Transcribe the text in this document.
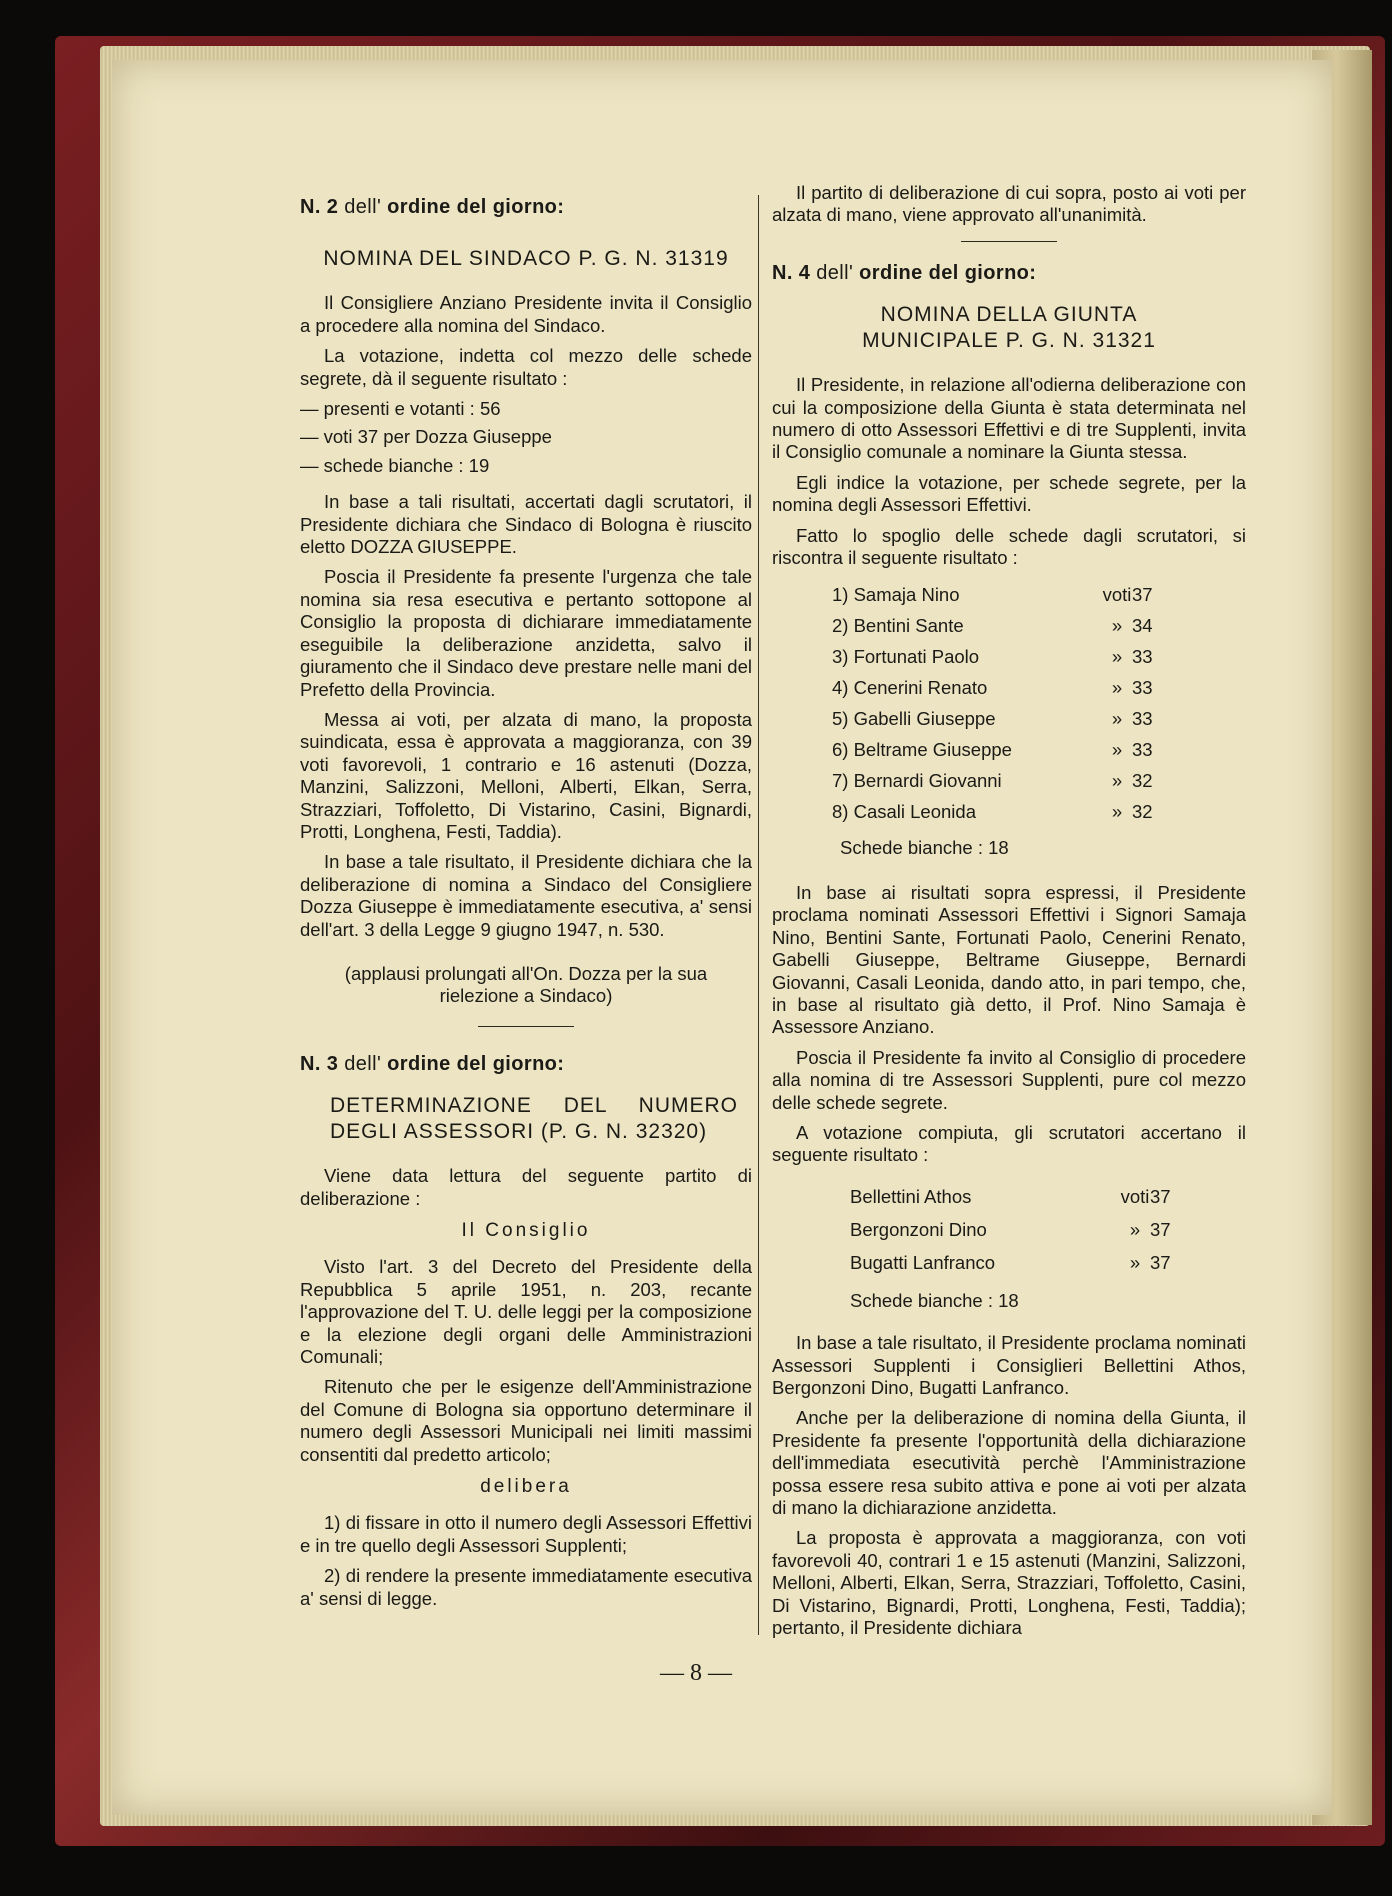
N. 2 dell' ordine del giorno:
NOMINA DEL SINDACO P. G. N. 31319

Il Consigliere Anziano Presidente invita il Consiglio a procedere alla nomina del Sindaco.

La votazione, indetta col mezzo delle schede segrete, dà il seguente risultato :

— presenti e votanti : 56
— voti 37 per Dozza Giuseppe
— schede bianche : 19

In base a tali risultati, accertati dagli scrutatori, il Presidente dichiara che Sindaco di Bologna è riuscito eletto DOZZA GIUSEPPE.

Poscia il Presidente fa presente l'urgenza che tale nomina sia resa esecutiva e pertanto sottopone al Consiglio la proposta di dichiarare immediatamente eseguibile la deliberazione anzidetta, salvo il giuramento che il Sindaco deve prestare nelle mani del Prefetto della Provincia.

Messa ai voti, per alzata di mano, la proposta suindicata, essa è approvata a maggioranza, con 39 voti favorevoli, 1 contrario e 16 astenuti (Dozza, Manzini, Salizzoni, Melloni, Alberti, Elkan, Serra, Strazziari, Toffoletto, Di Vistarino, Casini, Bignardi, Protti, Longhena, Festi, Taddia).

In base a tale risultato, il Presidente dichiara che la deliberazione di nomina a Sindaco del Consigliere Dozza Giuseppe è immediatamente esecutiva, a' sensi dell'art. 3 della Legge 9 giugno 1947, n. 530.

(applausi prolungati all'On. Dozza per la sua rielezione a Sindaco)
N. 3 dell' ordine del giorno:
DETERMINAZIONE DEL NUMERO DEGLI ASSESSORI (P. G. N. 32320)

Viene data lettura del seguente partito di deliberazione :

Il Consiglio

Visto l'art. 3 del Decreto del Presidente della Repubblica 5 aprile 1951, n. 203, recante l'approvazione del T. U. delle leggi per la composizione e la elezione degli organi delle Amministrazioni Comunali;

Ritenuto che per le esigenze dell'Amministrazione del Comune di Bologna sia opportuno determinare il numero degli Assessori Municipali nei limiti massimi consentiti dal predetto articolo;

delibera

1) di fissare in otto il numero degli Assessori Effettivi e in tre quello degli Assessori Supplenti;

2) di rendere la presente immediatamente esecutiva a' sensi di legge.

Il partito di deliberazione di cui sopra, posto ai voti per alzata di mano, viene approvato all'unanimità.

N. 4 dell' ordine del giorno:
NOMINA DELLA GIUNTA MUNICIPALE P. G. N. 31321

Il Presidente, in relazione all'odierna deliberazione con cui la composizione della Giunta è stata determinata nel numero di otto Assessori Effettivi e di tre Supplenti, invita il Consiglio comunale a nominare la Giunta stessa.

Egli indice la votazione, per schede segrete, per la nomina degli Assessori Effettivi.

Fatto lo spoglio delle schede dagli scrutatori, si riscontra il seguente risultato :

1) Samaja Nino	voti	37
2) Bentini Sante	»	34
3) Fortunati Paolo	»	33
4) Cenerini Renato	»	33
5) Gabelli Giuseppe	»	33
6) Beltrame Giuseppe	»	33
7) Bernardi Giovanni	»	32
8) Casali Leonida	»	32
Schede bianche : 18

In base ai risultati sopra espressi, il Presidente proclama nominati Assessori Effettivi i Signori Samaja Nino, Bentini Sante, Fortunati Paolo, Cenerini Renato, Gabelli Giuseppe, Beltrame Giuseppe, Bernardi Giovanni, Casali Leonida, dando atto, in pari tempo, che, in base al risultato già detto, il Prof. Nino Samaja è Assessore Anziano.

Poscia il Presidente fa invito al Consiglio di procedere alla nomina di tre Assessori Supplenti, pure col mezzo delle schede segrete.

A votazione compiuta, gli scrutatori accertano il seguente risultato :

Bellettini Athos	voti	37
Bergonzoni Dino	»	37
Bugatti Lanfranco	»	37
Schede bianche : 18

In base a tale risultato, il Presidente proclama nominati Assessori Supplenti i Consiglieri Bellettini Athos, Bergonzoni Dino, Bugatti Lanfranco.

Anche per la deliberazione di nomina della Giunta, il Presidente fa presente l'opportunità della dichiarazione dell'immediata esecutività perchè l'Amministrazione possa essere resa subito attiva e pone ai voti per alzata di mano la dichiarazione anzidetta.

La proposta è approvata a maggioranza, con voti favorevoli 40, contrari 1 e 15 astenuti (Manzini, Salizzoni, Melloni, Alberti, Elkan, Serra, Strazziari, Toffoletto, Casini, Di Vistarino, Bignardi, Protti, Longhena, Festi, Taddia); pertanto, il Presidente dichiara

— 8 —
